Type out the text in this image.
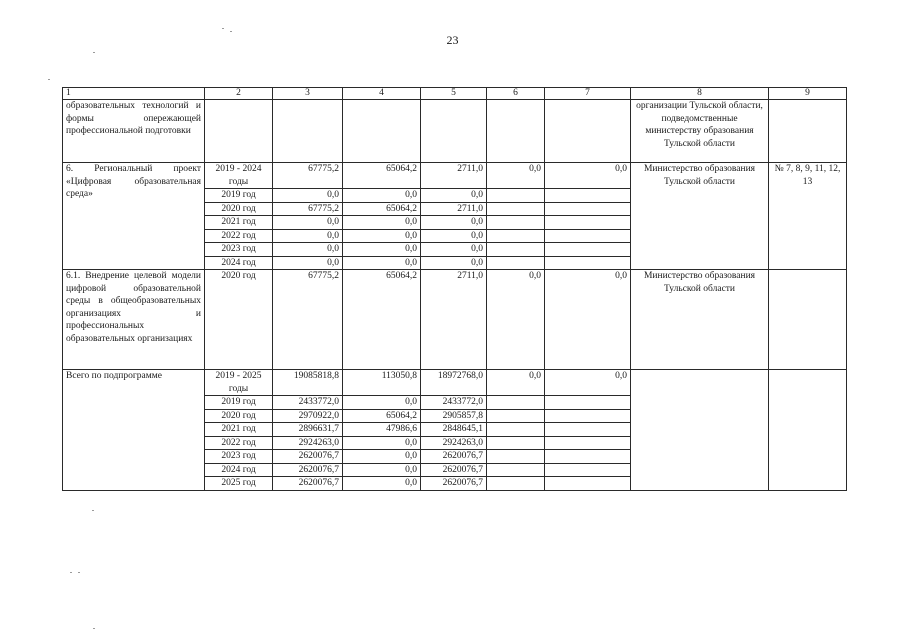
23
1	2	3	4	5	6	7	8	9
образовательных технологий и формы опережающей профессиональной подготовки							организации Тульской области, подведомственные министерству образования Тульской области	
6. Региональный проект «Цифровая образовательная среда»	2019 - 2024 годы	67775,2	65064,2	2711,0	0,0	0,0	Министерство образования Тульской области	№ 7, 8, 9, 11, 12, 13
	2019 год	0,0	0,0	0,0				
	2020 год	67775,2	65064,2	2711,0				
	2021 год	0,0	0,0	0,0				
	2022 год	0,0	0,0	0,0				
	2023 год	0,0	0,0	0,0				
	2024 год	0,0	0,0	0,0				
6.1. Внедрение целевой модели цифровой образовательной среды в общеобразовательных организациях и профессиональных образовательных организациях	2020 год	67775,2	65064,2	2711,0	0,0	0,0	Министерство образования Тульской области	
Всего по подпрограмме	2019 - 2025 годы	19085818,8	113050,8	18972768,0	0,0	0,0		
	2019 год	2433772,0	0,0	2433772,0				
	2020 год	2970922,0	65064,2	2905857,8				
	2021 год	2896631,7	47986,6	2848645,1				
	2022 год	2924263,0	0,0	2924263,0				
	2023 год	2620076,7	0,0	2620076,7				
	2024 год	2620076,7	0,0	2620076,7				
	2025 год	2620076,7	0,0	2620076,7				
